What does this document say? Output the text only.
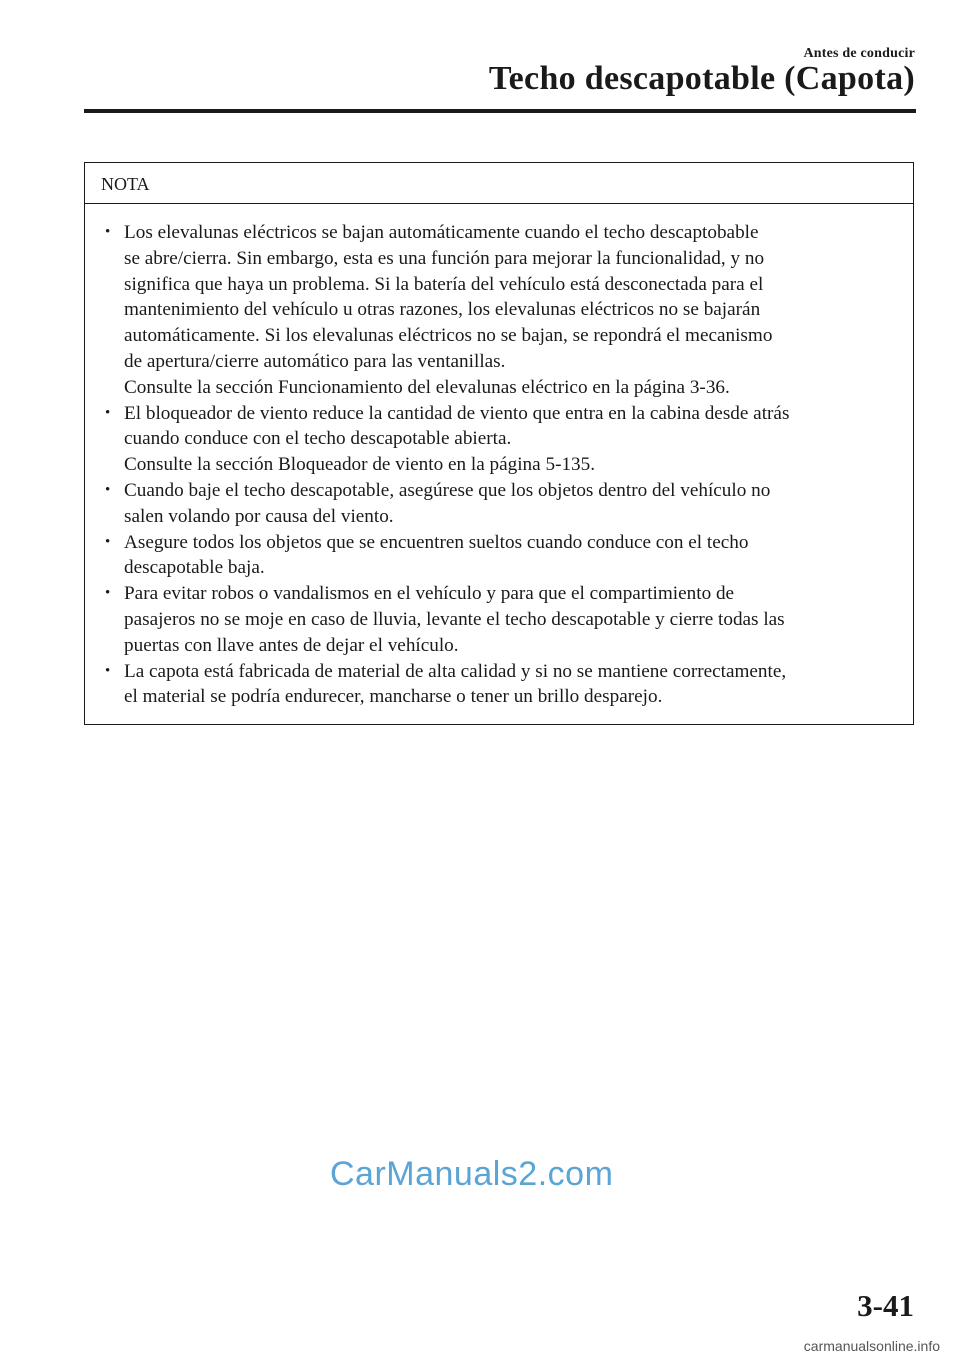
Antes de conducir
Techo descapotable (Capota)
NOTA
• Los elevalunas eléctricos se bajan automáticamente cuando el techo descaptobable
se abre/cierra. Sin embargo, esta es una función para mejorar la funcionalidad, y no
significa que haya un problema. Si la batería del vehículo está desconectada para el
mantenimiento del vehículo u otras razones, los elevalunas eléctricos no se bajarán
automáticamente. Si los elevalunas eléctricos no se bajan, se repondrá el mecanismo
de apertura/cierre automático para las ventanillas.
Consulte la sección Funcionamiento del elevalunas eléctrico en la página 3-36.
• El bloqueador de viento reduce la cantidad de viento que entra en la cabina desde atrás
cuando conduce con el techo descapotable abierta.
Consulte la sección Bloqueador de viento en la página 5-135.
• Cuando baje el techo descapotable, asegúrese que los objetos dentro del vehículo no
salen volando por causa del viento.
• Asegure todos los objetos que se encuentren sueltos cuando conduce con el techo
descapotable baja.
• Para evitar robos o vandalismos en el vehículo y para que el compartimiento de
pasajeros no se moje en caso de lluvia, levante el techo descapotable y cierre todas las
puertas con llave antes de dejar el vehículo.
• La capota está fabricada de material de alta calidad y si no se mantiene correctamente,
el material se podría endurecer, mancharse o tener un brillo desparejo.
CarManuals2.com
3-41
carmanualsonline.info
